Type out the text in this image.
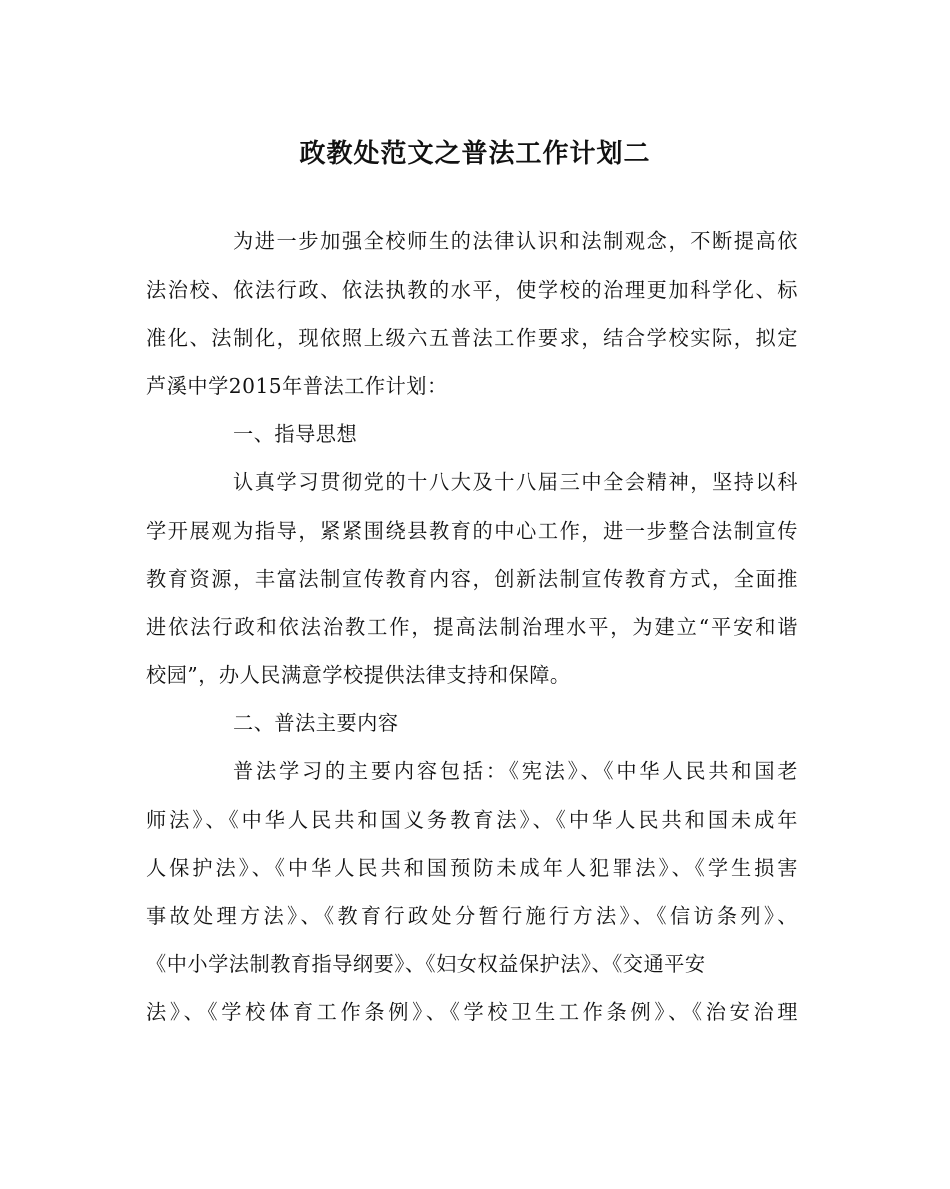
政教处范文之普法工作计划二
为进一步加强全校师生的法律认识和法制观念，不断提高依
法治校、依法行政、依法执教的水平，使学校的治理更加科学化、标
准化、法制化，现依照上级六五普法工作要求，结合学校实际，拟定
芦溪中学2015年普法工作计划：
一、指导思想
认真学习贯彻党的十八大及十八届三中全会精神，坚持以科
学开展观为指导，紧紧围绕县教育的中心工作，进一步整合法制宣传
教育资源，丰富法制宣传教育内容，创新法制宣传教育方式，全面推
进依法行政和依法治教工作，提高法制治理水平，为建立“平安和谐
校园”，办人民满意学校提供法律支持和保障。
二、普法主要内容
普法学习的主要内容包括：《宪法》、《中华人民共和国老
师法》、《中华人民共和国义务教育法》、《中华人民共和国未成年
人保护法》、《中华人民共和国预防未成年人犯罪法》、《学生损害
事故处理方法》、《教育行政处分暂行施行方法》、《信访条列》、
《中小学法制教育指导纲要》、《妇女权益保护法》、《交通平安
法》、《学校体育工作条例》、《学校卫生工作条例》、《治安治理
